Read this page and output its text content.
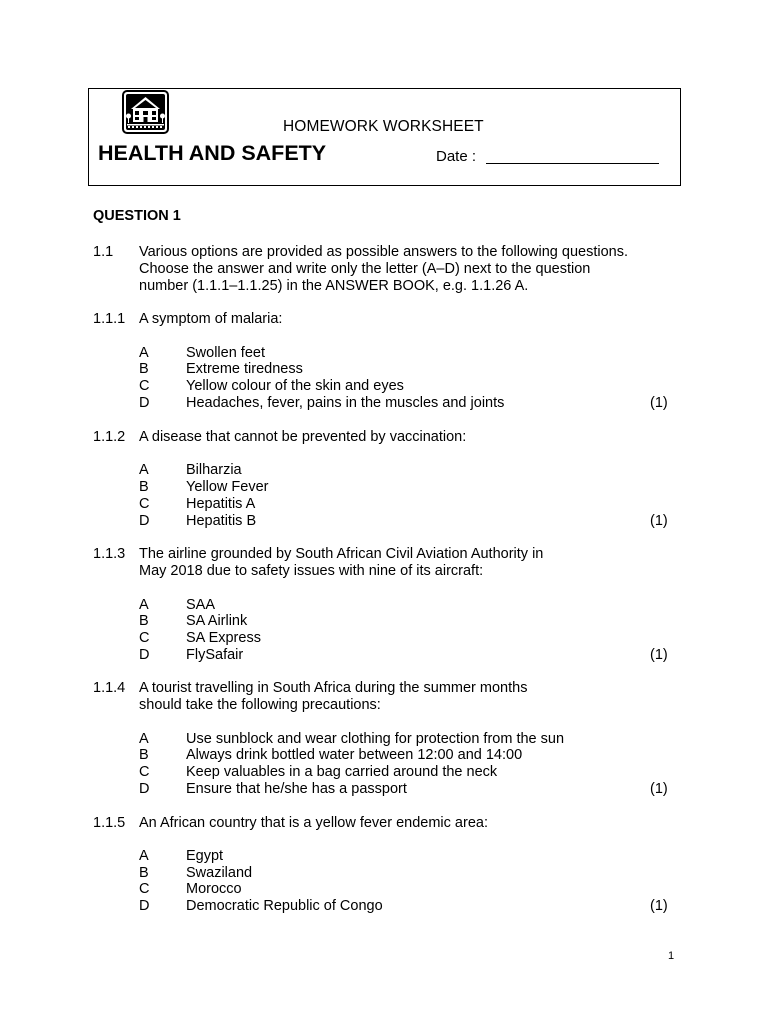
HOMEWORK WORKSHEET
HEALTH AND SAFETY	Date :
QUESTION 1
1.1 Various options are provided as possible answers to the following questions.
Choose the answer and write only the letter (A–D) next to the question
number (1.1.1–1.1.25) in the ANSWER BOOK, e.g. 1.1.26 A.
1.1.1 A symptom of malaria:
A	Swollen feet
B	Extreme tiredness
C	Yellow colour of the skin and eyes
D	Headaches, fever, pains in the muscles and joints	(1)
1.1.2 A disease that cannot be prevented by vaccination:
A	Bilharzia
B	Yellow Fever
C	Hepatitis A
D	Hepatitis B	(1)
1.1.3 The airline grounded by South African Civil Aviation Authority in
May 2018 due to safety issues with nine of its aircraft:
A	SAA
B	SA Airlink
C	SA Express
D	FlySafair	(1)
1.1.4 A tourist travelling in South Africa during the summer months
should take the following precautions:
A	Use sunblock and wear clothing for protection from the sun
B	Always drink bottled water between 12:00 and 14:00
C	Keep valuables in a bag carried around the neck
D	Ensure that he/she has a passport	(1)
1.1.5 An African country that is a yellow fever endemic area:
A	Egypt
B	Swaziland
C	Morocco
D	Democratic Republic of Congo	(1)
1
